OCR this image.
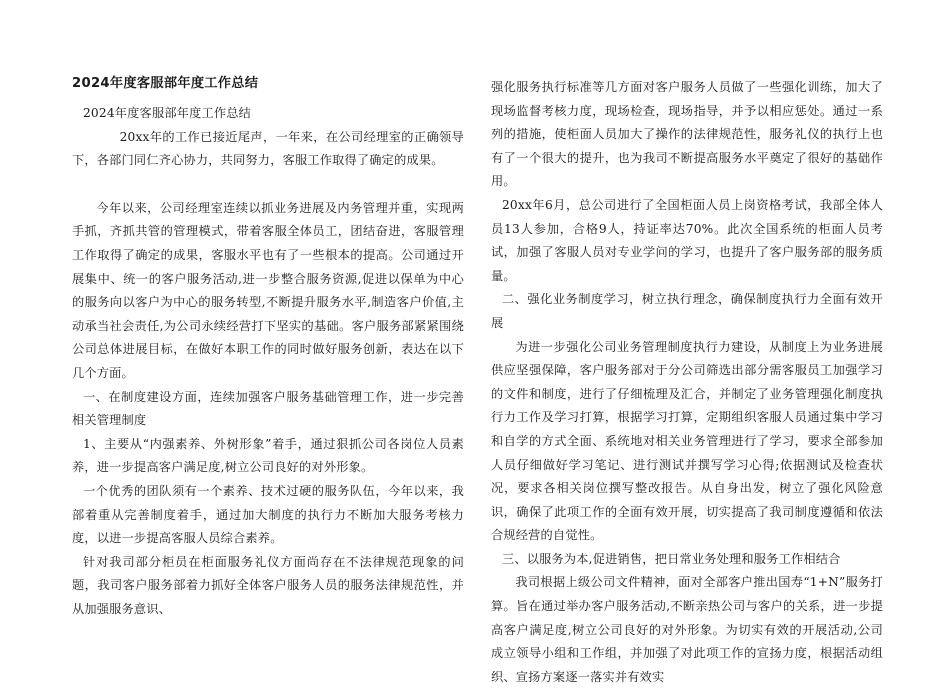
2024年度客服部年度工作总结

2024年度客服部年度工作总结

20xx年的工作已接近尾声，一年来，在公司经理室的正确领导下，各部门同仁齐心协力，共同努力，客服工作取得了确定的成果。

今年以来，公司经理室连续以抓业务进展及内务管理并重，实现两手抓，齐抓共管的管理模式，带着客服全体员工，团结奋进，客服管理工作取得了确定的成果，客服水平也有了一些根本的提高。公司通过开展集中、统一的客户服务活动,进一步整合服务资源,促进以保单为中心的服务向以客户为中心的服务转型,不断提升服务水平,制造客户价值,主动承当社会责任,为公司永续经营打下坚实的基础。客户服务部紧紧围绕公司总体进展目标，在做好本职工作的同时做好服务创新，表达在以下几个方面。

一、在制度建设方面，连续加强客户服务基础管理工作，进一步完善相关管理制度

1、主要从“内强素养、外树形象”着手，通过狠抓公司各岗位人员素养，进一步提高客户满足度,树立公司良好的对外形象。

一个优秀的团队须有一个素养、技术过硬的服务队伍，今年以来，我部着重从完善制度着手，通过加大制度的执行力不断加大服务考核力度，以进一步提高客服人员综合素养。

针对我司部分柜员在柜面服务礼仪方面尚存在不法律规范现象的问题，我司客户服务部着力抓好全体客户服务人员的服务法律规范性，并从加强服务意识、

强化服务执行标准等几方面对客户服务人员做了一些强化训练，加大了现场监督考核力度，现场检查，现场指导，并予以相应惩处。通过一系列的措施，使柜面人员加大了操作的法律规范性，服务礼仪的执行上也有了一个很大的提升，也为我司不断提高服务水平奠定了很好的基础作用。

20xx年6月，总公司进行了全国柜面人员上岗资格考试，我部全体人员13人参加，合格9人，持证率达70%。此次全国系统的柜面人员考试，加强了客服人员对专业学问的学习，也提升了客户服务部的服务质量。

二、强化业务制度学习，树立执行理念，确保制度执行力全面有效开展

为进一步强化公司业务管理制度执行力建设，从制度上为业务进展供应坚强保障，客户服务部对于分公司筛选出部分需客服员工加强学习的文件和制度，进行了仔细梳理及汇合，并制定了业务管理强化制度执行力工作及学习打算，根据学习打算，定期组织客服人员通过集中学习和自学的方式全面、系统地对相关业务管理进行了学习，要求全部参加人员仔细做好学习笔记、进行测试并撰写学习心得;依据测试及检查状况，要求各相关岗位撰写整改报告。从自身出发，树立了强化风险意识，确保了此项工作的全面有效开展，切实提高了我司制度遵循和依法合规经营的自觉性。

三、以服务为本,促进销售，把日常业务处理和服务工作相结合

我司根据上级公司文件精神，面对全部客户推出国寿“1+N”服务打算。旨在通过举办客户服务活动,不断亲热公司与客户的关系，进一步提高客户满足度,树立公司良好的对外形象。为切实有效的开展活动,公司成立领导小组和工作组，并加强了对此项工作的宣扬力度，根据活动组织、宣扬方案逐一落实并有效实
